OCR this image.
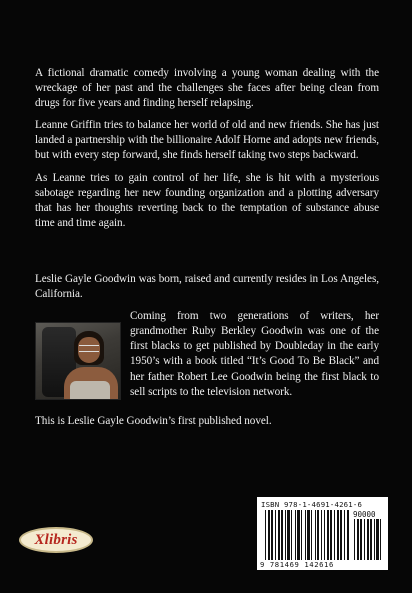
A fictional dramatic comedy involving a young woman dealing with the wreckage of her past and the challenges she faces after being clean from drugs for five years and finding herself relapsing.

Leanne Griffin tries to balance her world of old and new friends. She has just landed a partnership with the billionaire Adolf Horne and adopts new friends, but with every step forward, she finds herself taking two steps backward.

As Leanne tries to gain control of her life, she is hit with a mysterious sabotage regarding her new founding organization and a plotting adversary that has her thoughts reverting back to the temptation of substance abuse time and time again.

Leslie Gayle Goodwin was born, raised and currently resides in Los Angeles, California.

Coming from two generations of writers, her grandmother Ruby Berkley Goodwin was one of the first blacks to get published by Doubleday in the early 1950’s with a book titled “It’s Good To Be Black” and her father Robert Lee Goodwin being the first black to sell scripts to the television network.

This is Leslie Gayle Goodwin’s first published novel.

Xlibris
ISBN 978-1-4691-4261-6
90000
9 781469 142616
